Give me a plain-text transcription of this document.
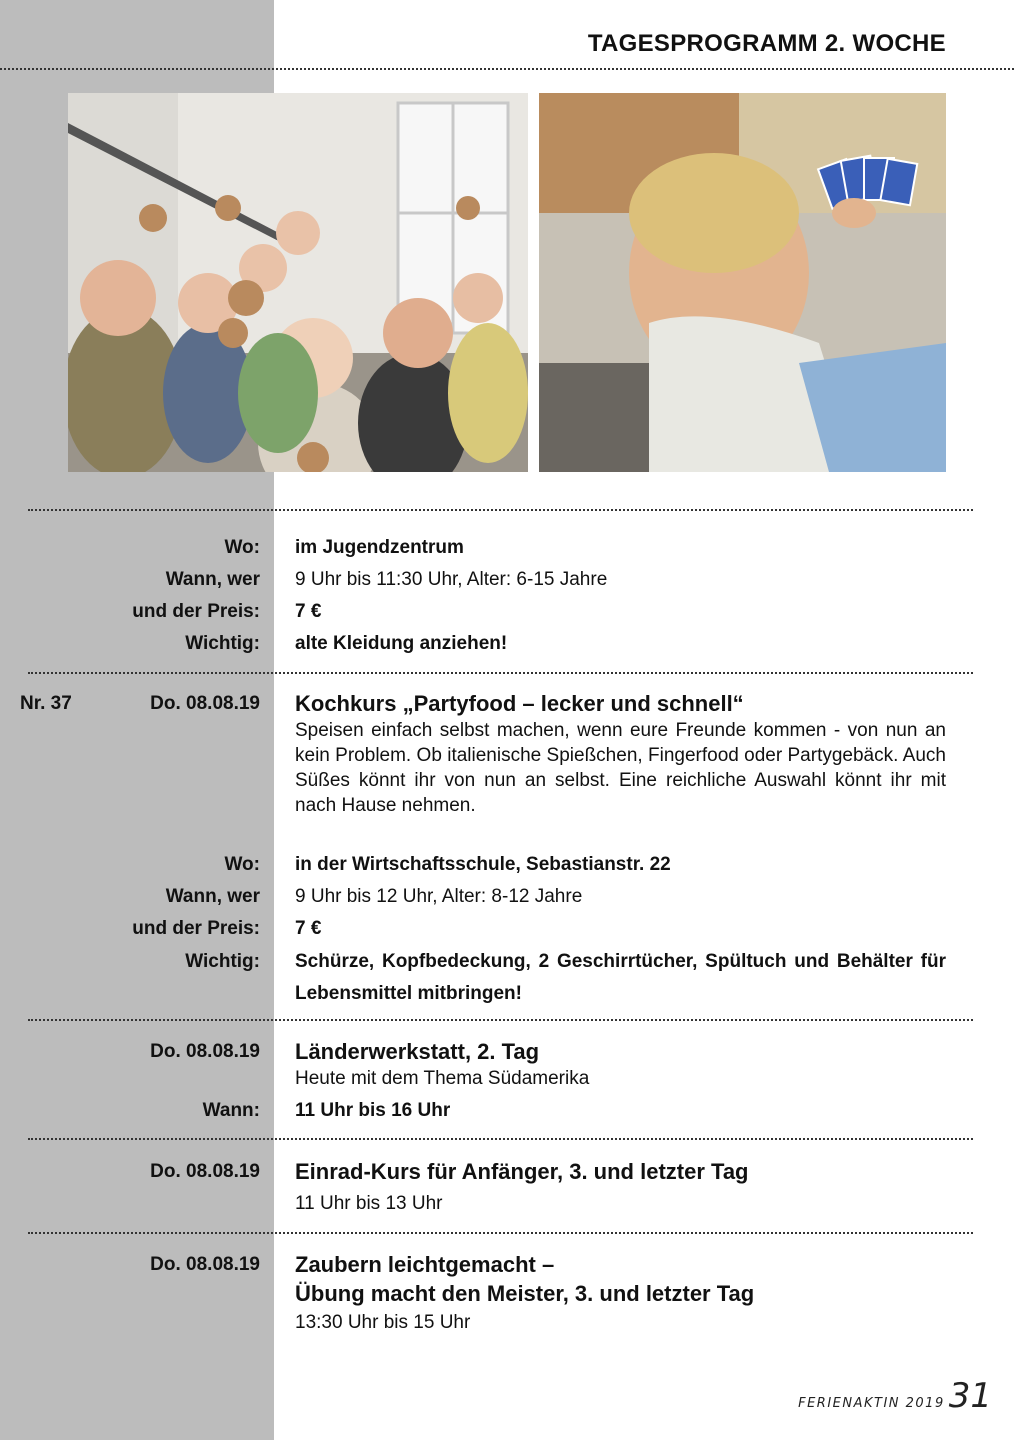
TAGESPROGRAMM 2. WOCHE
Wo: im Jugendzentrum
Wann, wer 9 Uhr bis 11:30 Uhr, Alter: 6-15 Jahre
und der Preis: 7 €
Wichtig: alte Kleidung anziehen!
Nr. 37	Do. 08.08.19 Kochkurs „Partyfood – lecker und schnell“
Speisen einfach selbst machen, wenn eure Freunde kommen - von nun an kein Problem. Ob italienische Spießchen, Fingerfood oder Partygebäck. Auch Süßes könnt ihr von nun an selbst. Eine reichliche Auswahl könnt ihr mit nach Hause nehmen.
Wo: in der Wirtschaftsschule, Sebastianstr. 22
Wann, wer 9 Uhr bis 12 Uhr, Alter: 8-12 Jahre
und der Preis: 7 €
Wichtig: Schürze, Kopfbedeckung, 2 Geschirrtücher, Spültuch und Behälter für Lebensmittel mitbringen!
Do. 08.08.19 Länderwerkstatt, 2. Tag
Heute mit dem Thema Südamerika
Wann: 11 Uhr bis 16 Uhr
Do. 08.08.19 Einrad-Kurs für Anfänger, 3. und letzter Tag
11 Uhr bis 13 Uhr
Do. 08.08.19 Zaubern leichtgemacht –
Übung macht den Meister, 3. und letzter Tag
13:30 Uhr bis 15 Uhr
FERIENAKTIN 2019 31
